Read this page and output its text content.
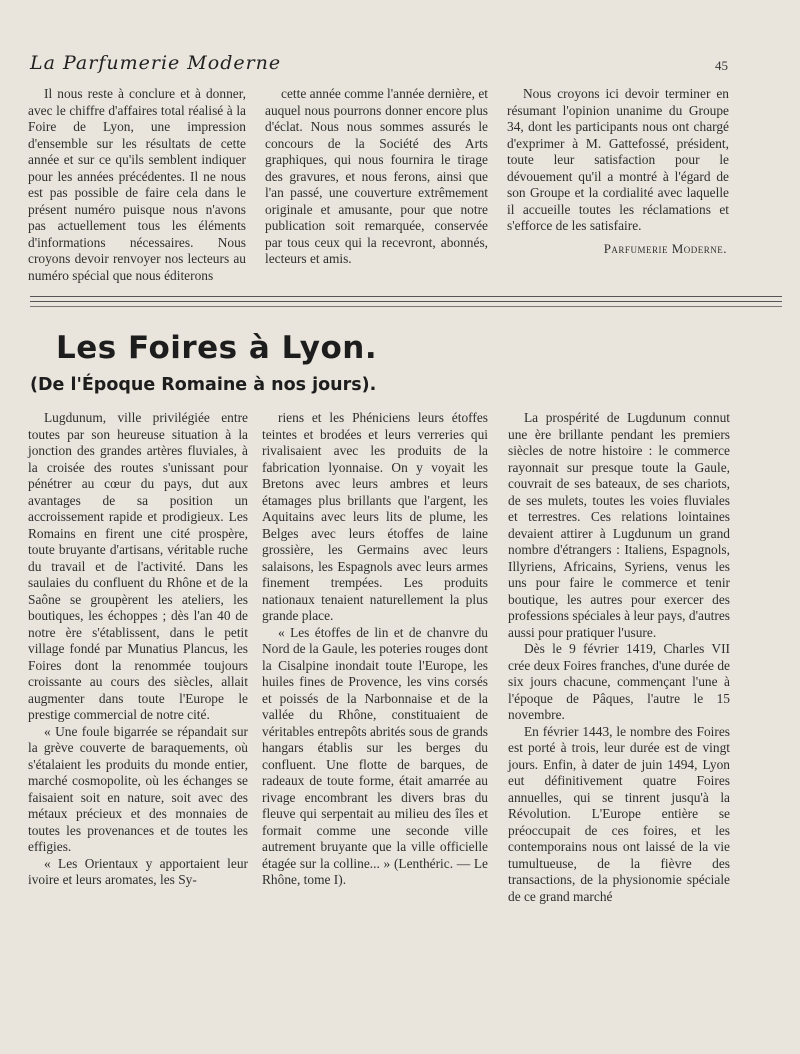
La Parfumerie Moderne	45

Il nous reste à conclure et à donner, avec le chiffre d'affaires total réalisé à la Foire de Lyon, une impression d'ensemble sur les résultats de cette année et sur ce qu'ils semblent indiquer pour les années précédentes. Il ne nous est pas possible de faire cela dans le présent numéro puisque nous n'avons pas actuellement tous les éléments d'informations nécessaires. Nous croyons devoir renvoyer nos lecteurs au numéro spécial que nous éditerons

cette année comme l'année dernière, et auquel nous pourrons donner encore plus d'éclat. Nous nous sommes assurés le concours de la Société des Arts graphiques, qui nous fournira le tirage des gravures, et nous ferons, ainsi que l'an passé, une couverture extrêmement originale et amusante, pour que notre publication soit remarquée, conservée par tous ceux qui la recevront, abonnés, lecteurs et amis.

Nous croyons ici devoir terminer en résumant l'opinion unanime du Groupe 34, dont les participants nous ont chargé d'exprimer à M. Gattefossé, président, toute leur satisfaction pour le dévouement qu'il a montré à l'égard de son Groupe et la cordialité avec laquelle il accueille toutes les réclamations et s'efforce de les satisfaire.

Parfumerie Moderne.
Les Foires à Lyon.
(De l'Époque Romaine à nos jours).

Lugdunum, ville privilégiée entre toutes par son heureuse situation à la jonction des grandes artères fluviales, à la croisée des routes s'unissant pour pénétrer au cœur du pays, dut aux avantages de sa position un accroissement rapide et prodigieux. Les Romains en firent une cité prospère, toute bruyante d'artisans, véritable ruche du travail et de l'activité. Dans les saulaies du confluent du Rhône et de la Saône se groupèrent les ateliers, les boutiques, les échoppes ; dès l'an 40 de notre ère s'établissent, dans le petit village fondé par Munatius Plancus, les Foires dont la renommée toujours croissante au cours des siècles, allait augmenter dans toute l'Europe le prestige commercial de notre cité.

« Une foule bigarrée se répandait sur la grève couverte de baraquements, où s'étalaient les produits du monde entier, marché cosmopolite, où les échanges se faisaient soit en nature, soit avec des métaux précieux et des monnaies de toutes les provenances et de toutes les effigies.

« Les Orientaux y apportaient leur ivoire et leurs aromates, les Sy-

riens et les Phéniciens leurs étoffes teintes et brodées et leurs verreries qui rivalisaient avec les produits de la fabrication lyonnaise. On y voyait les Bretons avec leurs ambres et leurs étamages plus brillants que l'argent, les Aquitains avec leurs lits de plume, les Belges avec leurs étoffes de laine grossière, les Germains avec leurs salaisons, les Espagnols avec leurs armes finement trempées. Les produits nationaux tenaient naturellement la plus grande place.

« Les étoffes de lin et de chanvre du Nord de la Gaule, les poteries rouges dont la Cisalpine inondait toute l'Europe, les huiles fines de Provence, les vins corsés et poissés de la Narbonnaise et de la vallée du Rhône, constituaient de véritables entrepôts abrités sous de grands hangars établis sur les berges du confluent. Une flotte de barques, de radeaux de toute forme, était amarrée au rivage encombrant les divers bras du fleuve qui serpentait au milieu des îles et formait comme une seconde ville autrement bruyante que la ville officielle étagée sur la colline... » (Lenthéric. — Le Rhône, tome I).

La prospérité de Lugdunum connut une ère brillante pendant les premiers siècles de notre histoire : le commerce rayonnait sur presque toute la Gaule, couvrait de ses bateaux, de ses chariots, de ses mulets, toutes les voies fluviales et terrestres. Ces relations lointaines devaient attirer à Lugdunum un grand nombre d'étrangers : Italiens, Espagnols, Illyriens, Africains, Syriens, venus les uns pour faire le commerce et tenir boutique, les autres pour exercer des professions spéciales à leur pays, d'autres aussi pour pratiquer l'usure.

Dès le 9 février 1419, Charles VII crée deux Foires franches, d'une durée de six jours chacune, commençant l'une à l'époque de Pâques, l'autre le 15 novembre.

En février 1443, le nombre des Foires est porté à trois, leur durée est de vingt jours. Enfin, à dater de juin 1494, Lyon eut définitivement quatre Foires annuelles, qui se tinrent jusqu'à la Révolution. L'Europe entière se préoccupait de ces foires, et les contemporains nous ont laissé de la vie tumultueuse, de la fièvre des transactions, de la physionomie spéciale de ce grand marché
